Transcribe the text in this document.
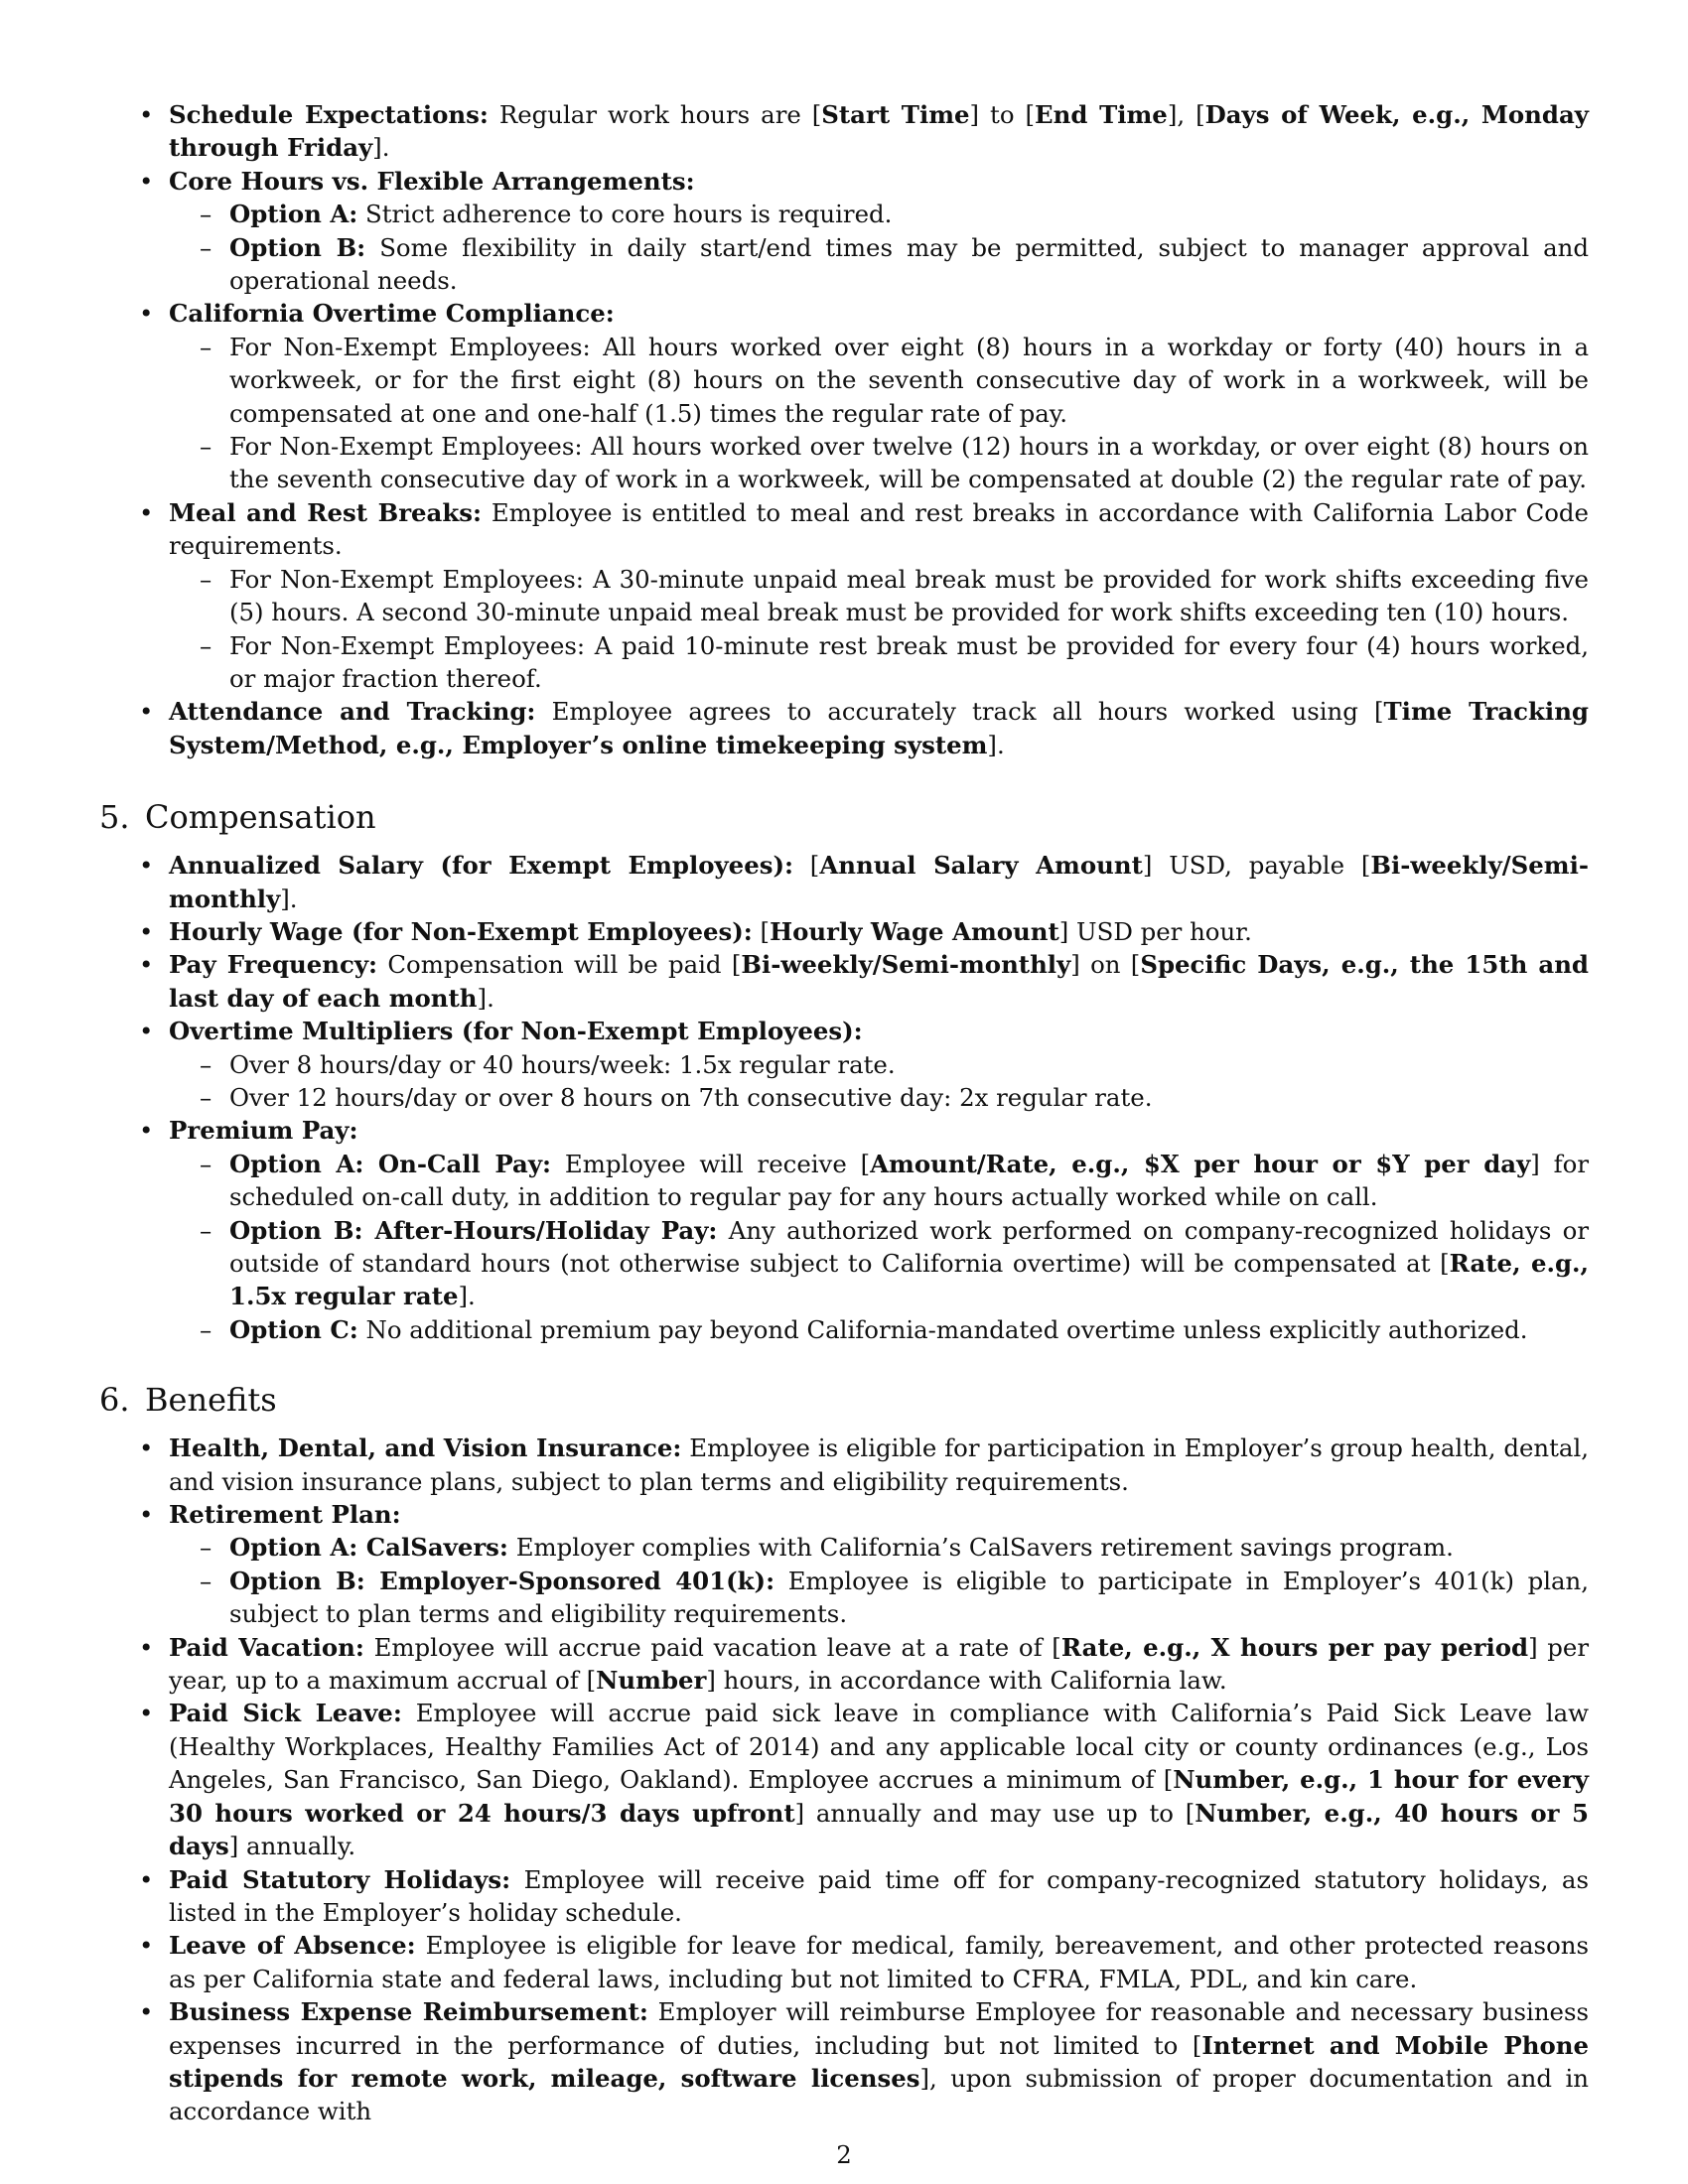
• Schedule Expectations: Regular work hours are [Start Time] to [End Time], [Days of Week, e.g., Monday through Friday].
• Core Hours vs. Flexible Arrangements:
– Option A: Strict adherence to core hours is required.
– Option B: Some flexibility in daily start/end times may be permitted, subject to manager approval and operational needs.
• California Overtime Compliance:
– For Non-Exempt Employees: All hours worked over eight (8) hours in a workday or forty (40) hours in a workweek, or for the first eight (8) hours on the seventh consecutive day of work in a workweek, will be compensated at one and one-half (1.5) times the regular rate of pay.
– For Non-Exempt Employees: All hours worked over twelve (12) hours in a workday, or over eight (8) hours on the seventh consecutive day of work in a workweek, will be compensated at double (2) the regular rate of pay.
• Meal and Rest Breaks: Employee is entitled to meal and rest breaks in accordance with California Labor Code requirements.
– For Non-Exempt Employees: A 30-minute unpaid meal break must be provided for work shifts exceeding five (5) hours. A second 30-minute unpaid meal break must be provided for work shifts exceeding ten (10) hours.
– For Non-Exempt Employees: A paid 10-minute rest break must be provided for every four (4) hours worked, or major fraction thereof.
• Attendance and Tracking: Employee agrees to accurately track all hours worked using [Time Tracking System/Method, e.g., Employer’s online timekeeping system].
5. Compensation
• Annualized Salary (for Exempt Employees): [Annual Salary Amount] USD, payable [Bi-weekly/Semi-monthly].
• Hourly Wage (for Non-Exempt Employees): [Hourly Wage Amount] USD per hour.
• Pay Frequency: Compensation will be paid [Bi-weekly/Semi-monthly] on [Specific Days, e.g., the 15th and last day of each month].
• Overtime Multipliers (for Non-Exempt Employees):
– Over 8 hours/day or 40 hours/week: 1.5x regular rate.
– Over 12 hours/day or over 8 hours on 7th consecutive day: 2x regular rate.
• Premium Pay:
– Option A: On-Call Pay: Employee will receive [Amount/Rate, e.g., $X per hour or $Y per day] for scheduled on-call duty, in addition to regular pay for any hours actually worked while on call.
– Option B: After-Hours/Holiday Pay: Any authorized work performed on company-recognized holidays or outside of standard hours (not otherwise subject to California overtime) will be compensated at [Rate, e.g., 1.5x regular rate].
– Option C: No additional premium pay beyond California-mandated overtime unless explicitly authorized.
6. Benefits
• Health, Dental, and Vision Insurance: Employee is eligible for participation in Employer’s group health, dental, and vision insurance plans, subject to plan terms and eligibility requirements.
• Retirement Plan:
– Option A: CalSavers: Employer complies with California’s CalSavers retirement savings program.
– Option B: Employer-Sponsored 401(k): Employee is eligible to participate in Employer’s 401(k) plan, subject to plan terms and eligibility requirements.
• Paid Vacation: Employee will accrue paid vacation leave at a rate of [Rate, e.g., X hours per pay period] per year, up to a maximum accrual of [Number] hours, in accordance with California law.
• Paid Sick Leave: Employee will accrue paid sick leave in compliance with California’s Paid Sick Leave law (Healthy Workplaces, Healthy Families Act of 2014) and any applicable local city or county ordinances (e.g., Los Angeles, San Francisco, San Diego, Oakland). Employee accrues a minimum of [Number, e.g., 1 hour for every 30 hours worked or 24 hours/3 days upfront] annually and may use up to [Number, e.g., 40 hours or 5 days] annually.
• Paid Statutory Holidays: Employee will receive paid time off for company-recognized statutory holidays, as listed in the Employer’s holiday schedule.
• Leave of Absence: Employee is eligible for leave for medical, family, bereavement, and other protected reasons as per California state and federal laws, including but not limited to CFRA, FMLA, PDL, and kin care.
• Business Expense Reimbursement: Employer will reimburse Employee for reasonable and necessary business expenses incurred in the performance of duties, including but not limited to [Internet and Mobile Phone stipends for remote work, mileage, software licenses], upon submission of proper documentation and in accordance with
2
